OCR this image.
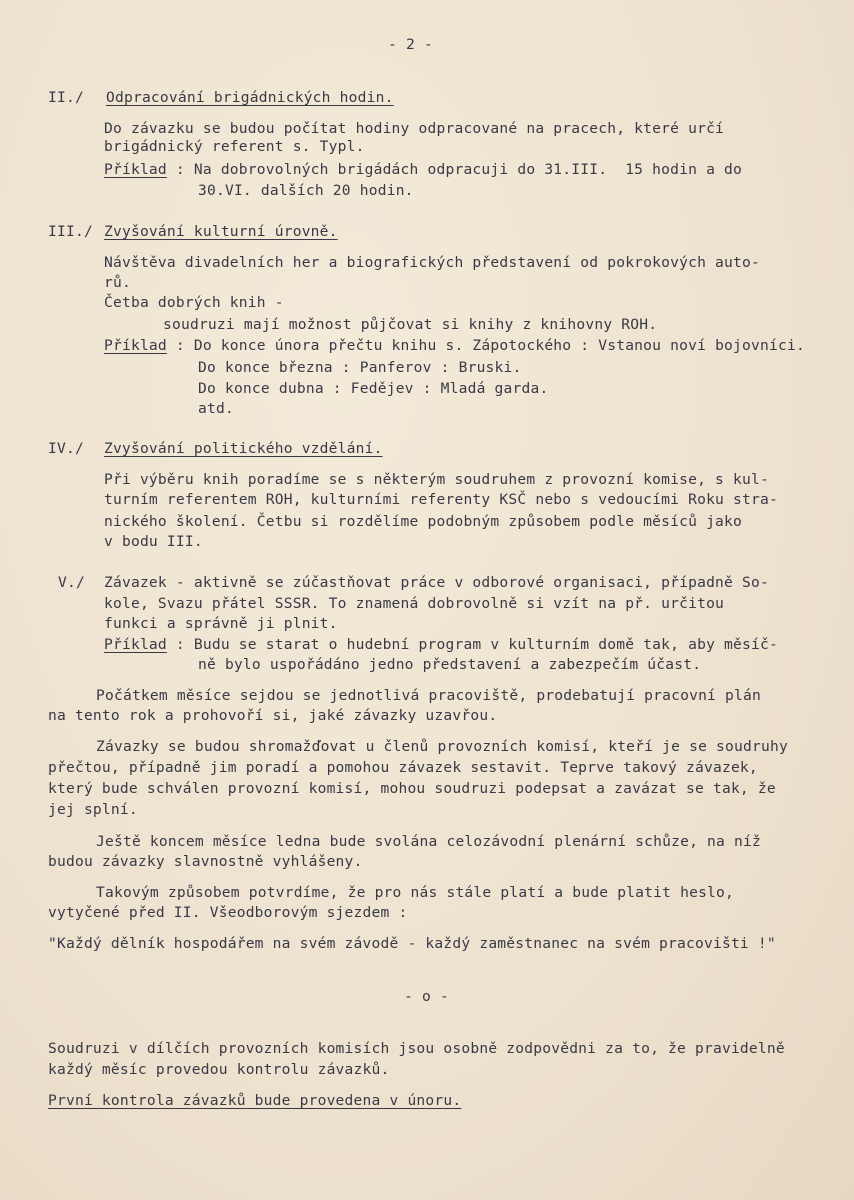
- 2 -
II./ Odpracování brigádnických hodin.
Do závazku se budou počítat hodiny odpracované na pracech, které určí
brigádnický referent s. Typl.
Příklad : Na dobrovolných brigádách odpracuji do 31.III.  15 hodin a do
30.VI. dalších 20 hodin.
III./ Zvyšování kulturní úrovně.
Návštěva divadelních her a biografických představení od pokrokových auto-
rů.
Četba dobrých knih -
soudruzi mají možnost půjčovat si knihy z knihovny ROH.
Příklad : Do konce února přečtu knihu s. Zápotockého : Vstanou noví bojovníci.
Do konce března : Panferov : Bruski.
Do konce dubna : Fedějev : Mladá garda.
atd.
IV./ Zvyšování politického vzdělání.
Při výběru knih poradíme se s některým soudruhem z provozní komise, s kul-
turním referentem ROH, kulturními referenty KSČ nebo s vedoucími Roku stra-
nického školení. Četbu si rozdělíme podobným způsobem podle měsíců jako
v bodu III.
V./ Závazek - aktivně se zúčastňovat práce v odborové organisaci, případně So-
kole, Svazu přátel SSSR. To znamená dobrovolně si vzít na př. určitou
funkci a správně ji plnit.
Příklad : Budu se starat o hudební program v kulturním domě tak, aby měsíč-
ně bylo uspořádáno jedno představení a zabezpečím účast.
Počátkem měsíce sejdou se jednotlivá pracoviště, prodebatují pracovní plán
na tento rok a prohovoří si, jaké závazky uzavřou.
Závazky se budou shromažďovat u členů provozních komisí, kteří je se soudruhy
přečtou, případně jim poradí a pomohou závazek sestavit. Teprve takový závazek,
který bude schválen provozní komisí, mohou soudruzi podepsat a zavázat se tak, že
jej splní.
Ještě koncem měsíce ledna bude svolána celozávodní plenární schůze, na níž
budou závazky slavnostně vyhlášeny.
Takovým způsobem potvrdíme, že pro nás stále platí a bude platit heslo,
vytyčené před II. Všeodborovým sjezdem :
"Každý dělník hospodářem na svém závodě - každý zaměstnanec na svém pracovišti !"
- o -
Soudruzi v dílčích provozních komisích jsou osobně zodpovědni za to, že pravidelně
každý měsíc provedou kontrolu závazků.
První kontrola závazků bude provedena v únoru.
